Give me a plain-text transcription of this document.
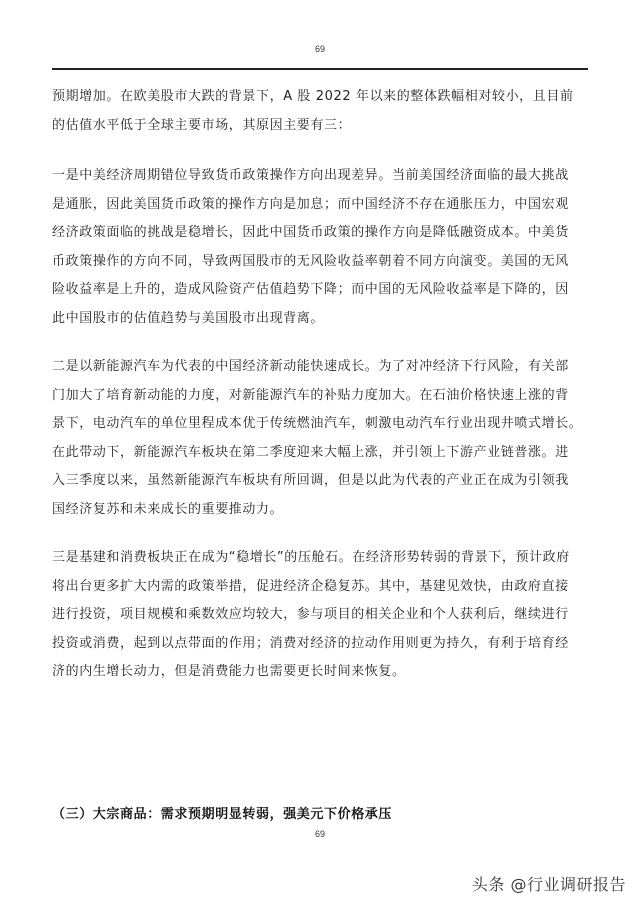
69

预期增加。在欧美股市大跌的背景下，A 股 2022 年以来的整体跌幅相对较小，且目前
的估值水平低于全球主要市场，其原因主要有三：

一是中美经济周期错位导致货币政策操作方向出现差异。当前美国经济面临的最大挑战
是通胀，因此美国货币政策的操作方向是加息；而中国经济不存在通胀压力，中国宏观
经济政策面临的挑战是稳增长，因此中国货币政策的操作方向是降低融资成本。中美货
币政策操作的方向不同，导致两国股市的无风险收益率朝着不同方向演变。美国的无风
险收益率是上升的，造成风险资产估值趋势下降；而中国的无风险收益率是下降的，因
此中国股市的估值趋势与美国股市出现背离。

二是以新能源汽车为代表的中国经济新动能快速成长。为了对冲经济下行风险，有关部
门加大了培育新动能的力度，对新能源汽车的补贴力度加大。在石油价格快速上涨的背
景下，电动汽车的单位里程成本优于传统燃油汽车，刺激电动汽车行业出现井喷式增长。
在此带动下，新能源汽车板块在第二季度迎来大幅上涨，并引领上下游产业链普涨。进
入三季度以来，虽然新能源汽车板块有所回调，但是以此为代表的产业正在成为引领我
国经济复苏和未来成长的重要推动力。

三是基建和消费板块正在成为“稳增长”的压舱石。在经济形势转弱的背景下，预计政府
将出台更多扩大内需的政策举措，促进经济企稳复苏。其中，基建见效快，由政府直接
进行投资，项目规模和乘数效应均较大，参与项目的相关企业和个人获利后，继续进行
投资或消费，起到以点带面的作用；消费对经济的拉动作用则更为持久，有利于培育经
济的内生增长动力，但是消费能力也需要更长时间来恢复。

（三）大宗商品：需求预期明显转弱，强美元下价格承压
69
头条 @行业调研报告
